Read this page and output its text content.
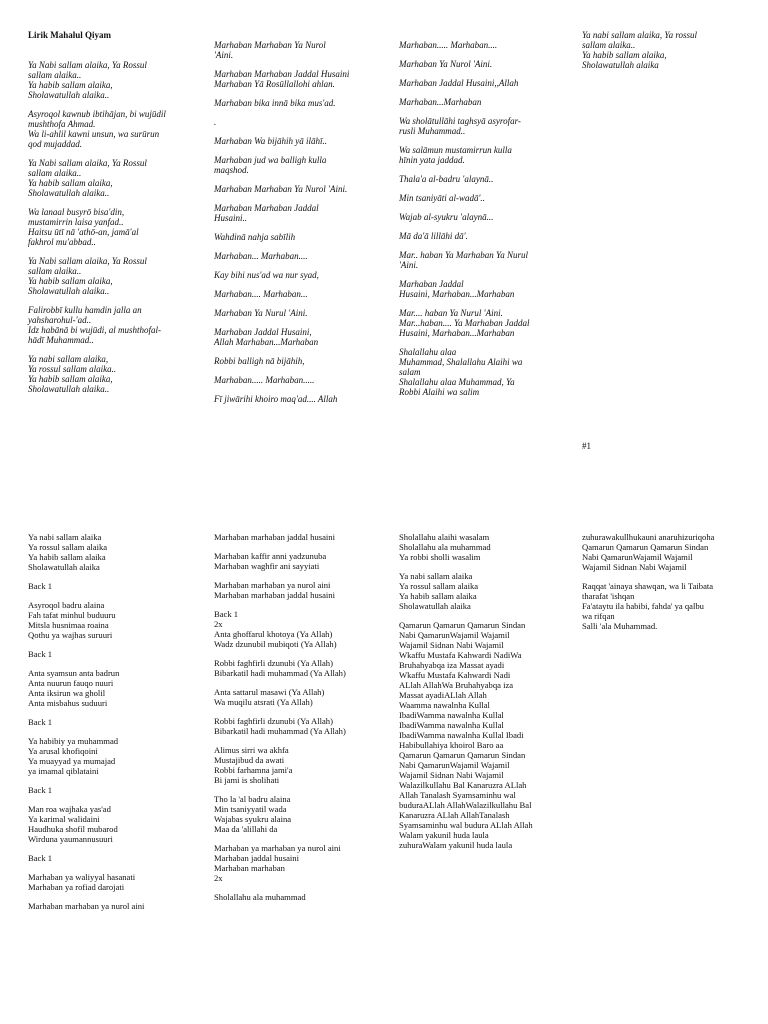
Lirik Mahalul Qiyam

Ya Nabi sallam alaika, Ya Rossul
sallam alaika..
Ya habib sallam alaika,
Sholawatullah alaika..

Asyroqol kawnub ibtihājan, bi wujūdil
mushthofa Ahmad.
Wa li-ahlil kawni unsun, wa surūrun
qod mujaddad.

Ya Nabi sallam alaika, Ya Rossul
sallam alaika..
Ya habib sallam alaika,
Sholawatullah alaika..

Wa lanaal busyrō bisa'din,
mustamirrin laisa yanfad..
Haitsu ūtī nā 'athō-an, jamā'al
fakhrol mu'abbad..

Ya Nabi sallam alaika, Ya Rossul
sallam alaika..
Ya habib sallam alaika,
Sholawatullah alaika..

Falirobbī kullu hamdin jalla an
yahsharohul-'ad..
Idz habānā bi wujūdi, al mushthofal-
hādī Muhammad..

Ya nabi sallam alaika,
Ya rossul sallam alaika..
Ya habib sallam alaika,
Sholawatullah alaika..

Marhaban Marhaban Ya Nurol
'Aini.

Marhaban Marhaban Jaddal Husaini
Marhaban Yā Rosūllallohi ahlan.

Marhaban bika innā bika mus'ad.

.

Marhaban Wa bijāhih yā ilāhī..

Marhaban jud wa balligh kulla
maqshod.

Marhaban Marhaban Ya Nurol 'Aini.

Marhaban Marhaban Jaddal
Husaini..

Wahdinā nahja sabīlih

Marhaban... Marhaban....

Kay bihi nus'ad wa nur syad,

Marhaban.... Marhaban...

Marhaban Ya Nurul 'Aini.

Marhaban Jaddal Husaini,
Allah Marhaban...Marhaban

Robbi balligh nā bijāhih,

Marhaban..... Marhaban.....

Fī jiwārihi khoiro maq'ad.... Allah

Marhaban..... Marhaban....

Marhaban Ya Nurol 'Aini.

Marhaban Jaddal Husaini,,Allah

Marhaban...Marhaban

Wa sholātullāhi taghsyā asyrofar-
rusli Muhammad..

Wa salāmun mustamirrun kulla
hīnin yata jaddad.

Thala'a al-badru 'alaynā..

Min tsaniyāti al-wadā'..

Wajab al-syukru 'alaynā...

Mā da'ā lillāhi dā'.

Mar.. haban Ya Marhaban Ya Nurul
'Aini.

Marhaban Jaddal
Husaini, Marhaban...Marhaban

Mar.... haban Ya Nurul 'Aini.
Mar...haban.... Ya Marhaban Jaddal
Husaini, Marhaban...Marhaban

Shalallahu alaa
Muhammad, Shalallahu Alaihi wa
salam
Shalallahu alaa Muhammad, Ya
Robbi Alaihi wa salim

Ya nabi sallam alaika, Ya rossul
sallam alaika..
Ya habib sallam alaika,
Sholawatullah alaika

#1

Ya nabi sallam alaika
Ya rossul sallam alaika
Ya habib sallam alaika
Sholawatullah alaika

Back 1

Asyroqol badru alaina
Fah tafat minhul buduuru
Mitsla husnimaa roaina
Qothu ya wajhas suruuri

Back 1

Anta syamsun anta badrun
Anta nuurun fauqo nuuri
Anta iksirun wa gholil
Anta misbahus suduuri

Back 1

Ya habibiy ya muhammad
Ya arusal khofiqoini
Ya muayyad ya mumajad
ya imamal qiblataini

Back 1

Man roa wajhaka yas'ad
Ya karimal walidaini
Haudhuka shofil mubarod
Wirduna yaumannusuuri

Back 1

Marhaban ya waliyyal hasanati
Marhaban ya rofiad darojati

Marhaban marhaban ya nurol aini

Marhaban marhaban jaddal husaini

Marhaban kaffir anni yadzunuba
Marhaban waghfir ani sayyiati

Marhaban marhaban ya nurol aini
Marhaban marhaban jaddal husaini

Back 1
2x
Anta ghoffarul khotoya (Ya Allah)
Wadz dzunubil mubiqoti (Ya Allah)

Robbi faghfirli dzunubi (Ya Allah)
Bibarkatil hadi muhammad (Ya Allah)

Anta sattarul masawi (Ya Allah)
Wa muqilu atsrati (Ya Allah)

Robbi faghfirli dzunubi (Ya Allah)
Bibarkatil hadi muhammad (Ya Allah)

Alimus sirri wa akhfa
Mustajibud da awati
Robbi farhamna jami'a
Bi jami is sholihati

Tho la 'al badru alaina
Min tsaniyyatil wada
Wajabas syukru alaina
Maa da 'alillahi da

Marhaban ya marhaban ya nurol aini
Marhaban jaddal husaini
Marhaban marhaban
2x

Sholallahu ala muhammad

Sholallahu alaihi wasalam
Sholallahu ala muhammad
Ya robbi sholli wasalim

Ya nabi sallam alaika
Ya rossul sallam alaika
Ya habib sallam alaika
Sholawatullah alaika

Qamarun Qamarun Qamarun Sindan
Nabi QamarunWajamil Wajamil
Wajamil Sidnan Nabi Wajamil
Wkaffu Mustafa Kahwardi NadiWa
Bruhahyabqa iza Massat ayadi
Wkaffu Mustafa Kahwardi Nadi
ALlah AllahWa Bruhahyabqa iza
Massat ayadiALlah Allah
Waamma nawalnha Kullal
IbadiWamma nawalnha Kullal
IbadiWamma nawalnha Kullal
IbadiWamma nawalnha Kullal Ibadi
Habibullahiya khoirol Baro aa
Qamarun Qamarun Qamarun Sindan
Nabi QamarunWajamil Wajamil
Wajamil Sidnan Nabi Wajamil
Walazilkullahu Bal Kanaruzra ALlah
Allah Tanalash Syamsaminhu wal
buduraALlah AllahWalazilkullahu Bal
Kanaruzra ALlah AllahTanalash
Syamsaminhu wal budura ALlah Allah
Walam yakunil huda laula
zuhuraWalam yakunil huda laula

zuhurawakullhukauni anaruhizuriqoha
Qamarun Qamarun Qamarun Sindan
Nabi QamarunWajamil Wajamil
Wajamil Sidnan Nabi Wajamil

Raqqat 'ainaya shawqan, wa li Taibata
tharafat 'ishqan
Fa'ataytu ila habibi, fahda' ya qalbu
wa rifqan
Salli 'ala Muhammad.
